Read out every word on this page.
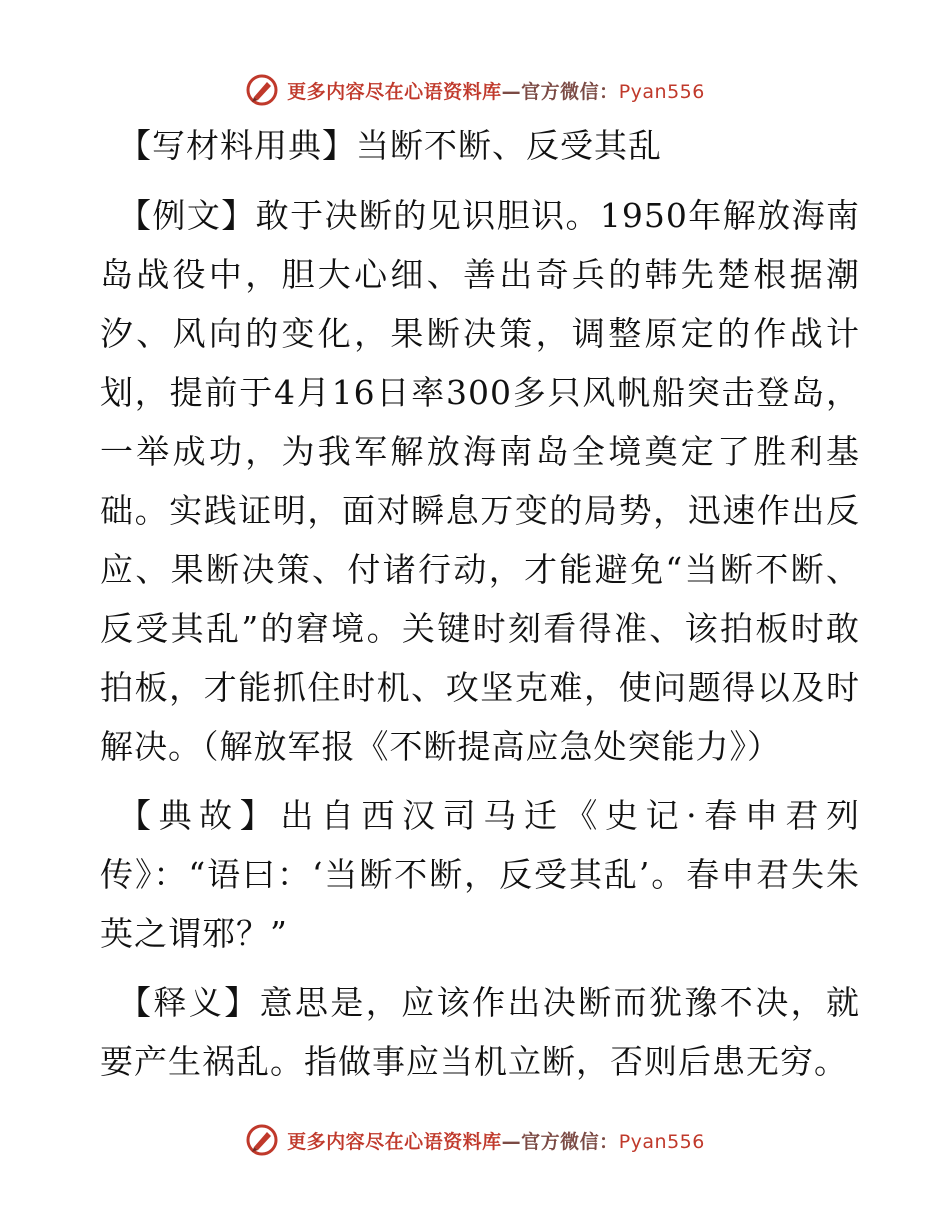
更多内容尽在心语资料库—官方微信：Pyan556
【写材料用典】当断不断、反受其乱

【例文】敢于决断的见识胆识。1950年解放海南岛战役中，胆大心细、善出奇兵的韩先楚根据潮汐、风向的变化，果断决策，调整原定的作战计划，提前于4月16日率300多只风帆船突击登岛，一举成功，为我军解放海南岛全境奠定了胜利基础。实践证明，面对瞬息万变的局势，迅速作出反应、果断决策、付诸行动，才能避免“当断不断、反受其乱”的窘境。关键时刻看得准、该拍板时敢拍板，才能抓住时机、攻坚克难，使问题得以及时解决。（解放军报《不断提高应急处突能力》）

【典故】出自西汉司马迁《史记·春申君列传》：“语曰：‘当断不断，反受其乱’。春申君失朱英之谓邪？”

【释义】意思是，应该作出决断而犹豫不决，就要产生祸乱。指做事应当机立断，否则后患无穷。

更多内容尽在心语资料库—官方微信：Pyan556
